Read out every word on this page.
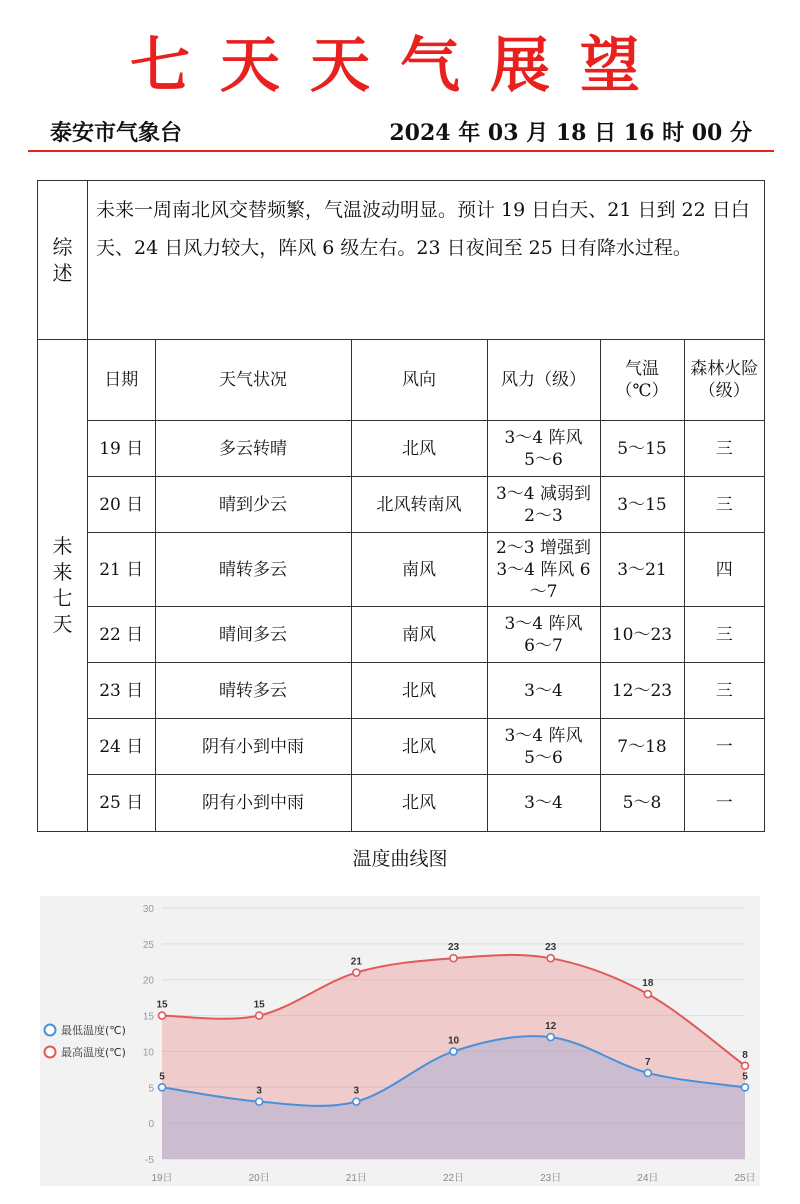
七天天气展望
泰安市气象台	2024 年 03 月 18 日 16 时 00 分
综述
	未来一周南北风交替频繁，气温波动明显。预计 19 日白天、21 日到 22 日白天、24 日风力较大，阵风 6 级左右。23 日夜间至 25 日有降水过程。

未来七天

日期	天气状况	风向	风力（级）	气温（℃）	森林火险（级）
19 日	多云转晴	北风	3～4 阵风 5～6	5～15	三
20 日	晴到少云	北风转南风	3～4 减弱到 2～3	3～15	三
21 日	晴转多云	南风	2～3 增强到 3～4 阵风 6～7	3～21	四
22 日	晴间多云	南风	3～4 阵风 6～7	10～23	三
23 日	晴转多云	北风	3～4	12～23	三
24 日	阴有小到中雨	北风	3～4 阵风 5～6	7～18	一
25 日	阴有小到中雨	北风	3～4	5～8	一
温度曲线图
30
25
20
15
10
5
0
-5
15	15
21
23	23
18
8
5
3	3
10
12
7
5
19日	20日	21日	22日	23日	24日	25日
最低温度(℃)
最高温度(℃)
